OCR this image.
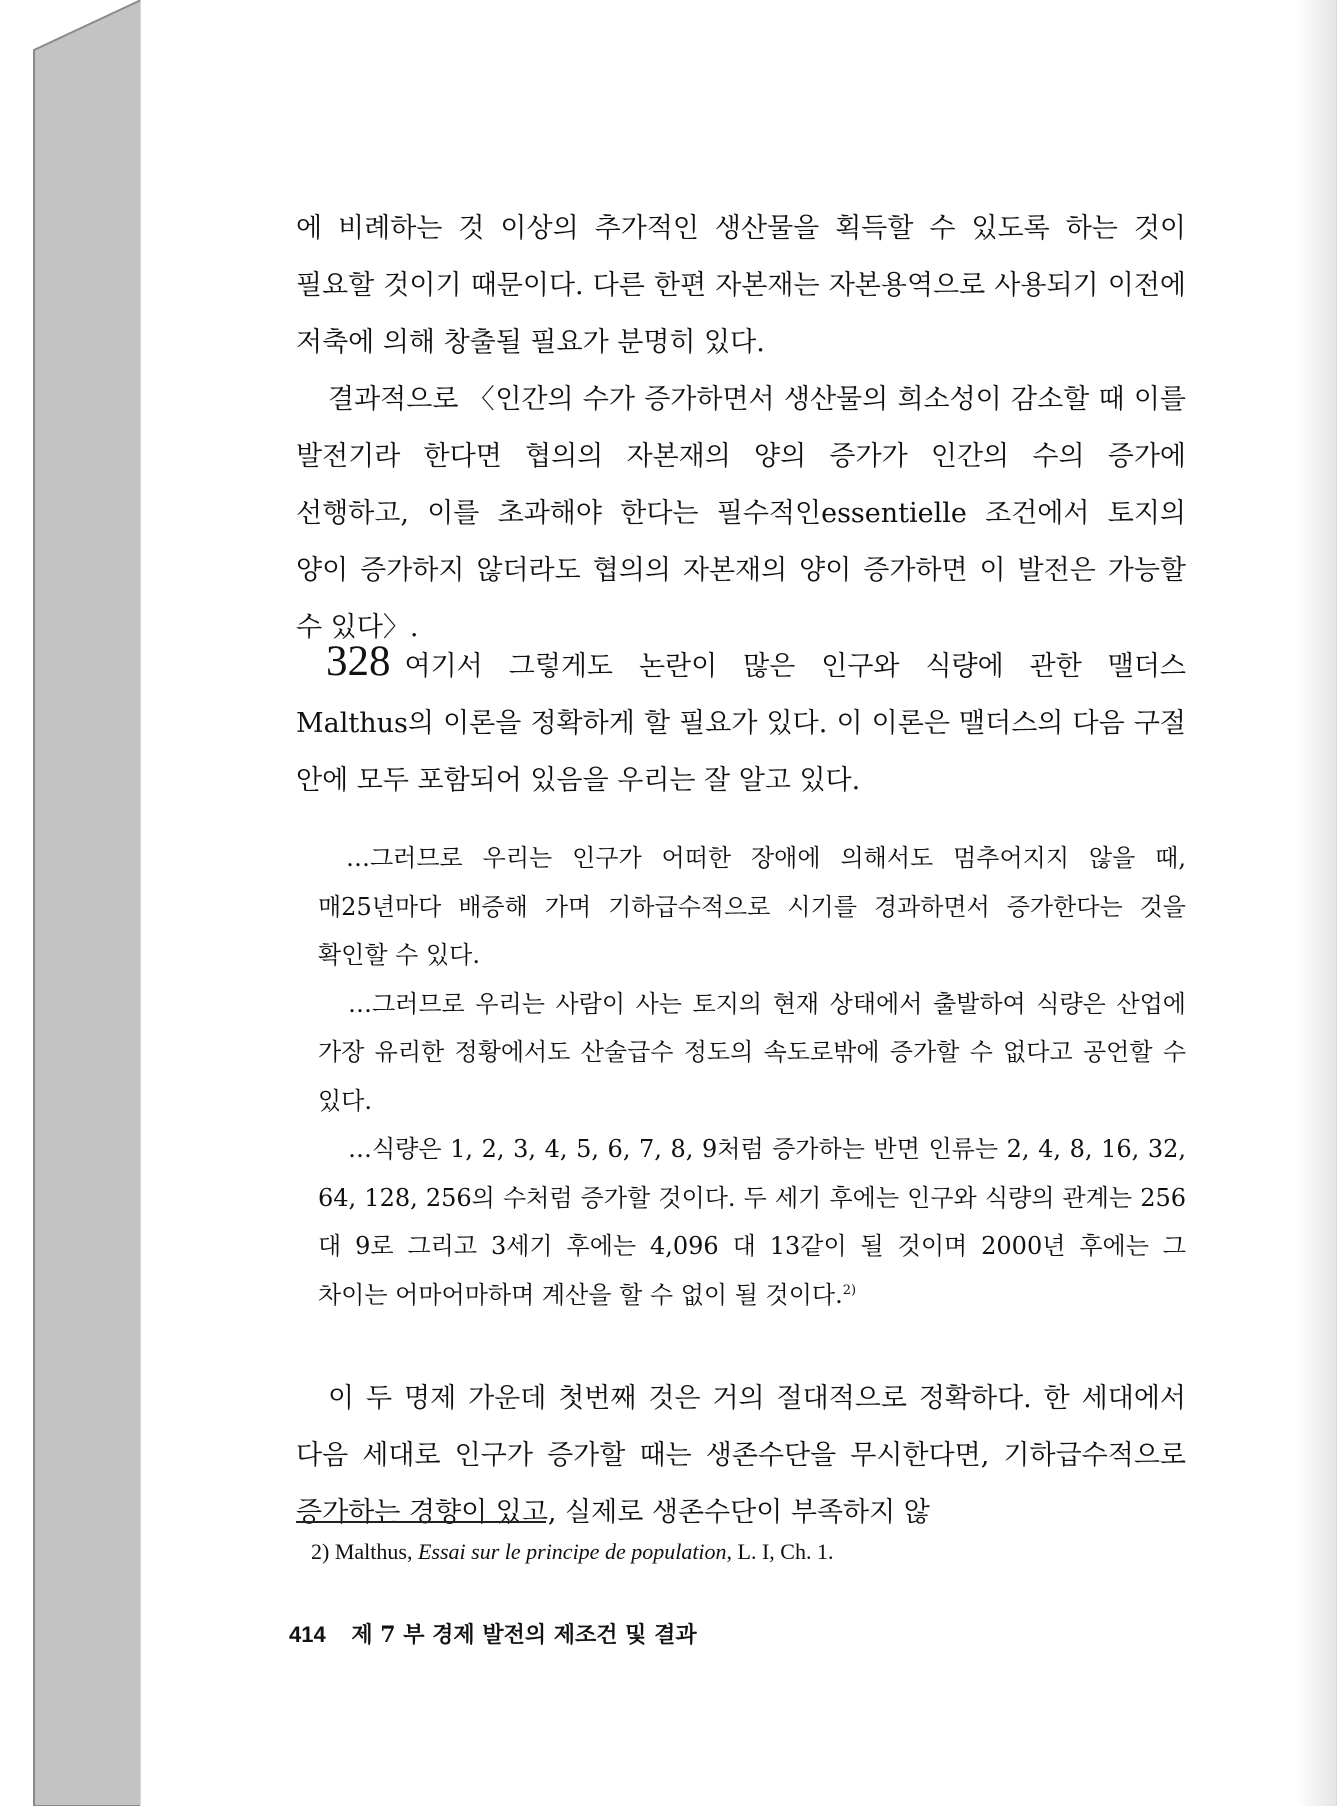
에 비례하는 것 이상의 추가적인 생산물을 획득할 수 있도록 하는 것이 필요할 것이기 때문이다. 다른 한편 자본재는 자본용역으로 사용되기 이전에 저축에 의해 창출될 필요가 분명히 있다.

결과적으로 〈인간의 수가 증가하면서 생산물의 희소성이 감소할 때 이를 발전기라 한다면 협의의 자본재의 양의 증가가 인간의 수의 증가에 선행하고, 이를 초과해야 한다는 필수적인essentielle 조건에서 토지의 양이 증가하지 않더라도 협의의 자본재의 양이 증가하면 이 발전은 가능할 수 있다〉.

328 여기서 그렇게도 논란이 많은 인구와 식량에 관한 맬더스 Malthus의 이론을 정확하게 할 필요가 있다. 이 이론은 맬더스의 다음 구절 안에 모두 포함되어 있음을 우리는 잘 알고 있다.

…그러므로 우리는 인구가 어떠한 장애에 의해서도 멈추어지지 않을 때, 매25년마다 배증해 가며 기하급수적으로 시기를 경과하면서 증가한다는 것을 확인할 수 있다.

…그러므로 우리는 사람이 사는 토지의 현재 상태에서 출발하여 식량은 산업에 가장 유리한 정황에서도 산술급수 정도의 속도로밖에 증가할 수 없다고 공언할 수 있다.

…식량은 1, 2, 3, 4, 5, 6, 7, 8, 9처럼 증가하는 반면 인류는 2, 4, 8, 16, 32, 64, 128, 256의 수처럼 증가할 것이다. 두 세기 후에는 인구와 식량의 관계는 256 대 9로 그리고 3세기 후에는 4,096 대 13같이 될 것이며 2000년 후에는 그 차이는 어마어마하며 계산을 할 수 없이 될 것이다.$^{2)}$

이 두 명제 가운데 첫번째 것은 거의 절대적으로 정확하다. 한 세대에서 다음 세대로 인구가 증가할 때는 생존수단을 무시한다면, 기하급수적으로 증가하는 경향이 있고, 실제로 생존수단이 부족하지 않

2) Malthus, Essai sur le principe de population, L. I, Ch. 1.
414 제 7 부 경제 발전의 제조건 및 결과
